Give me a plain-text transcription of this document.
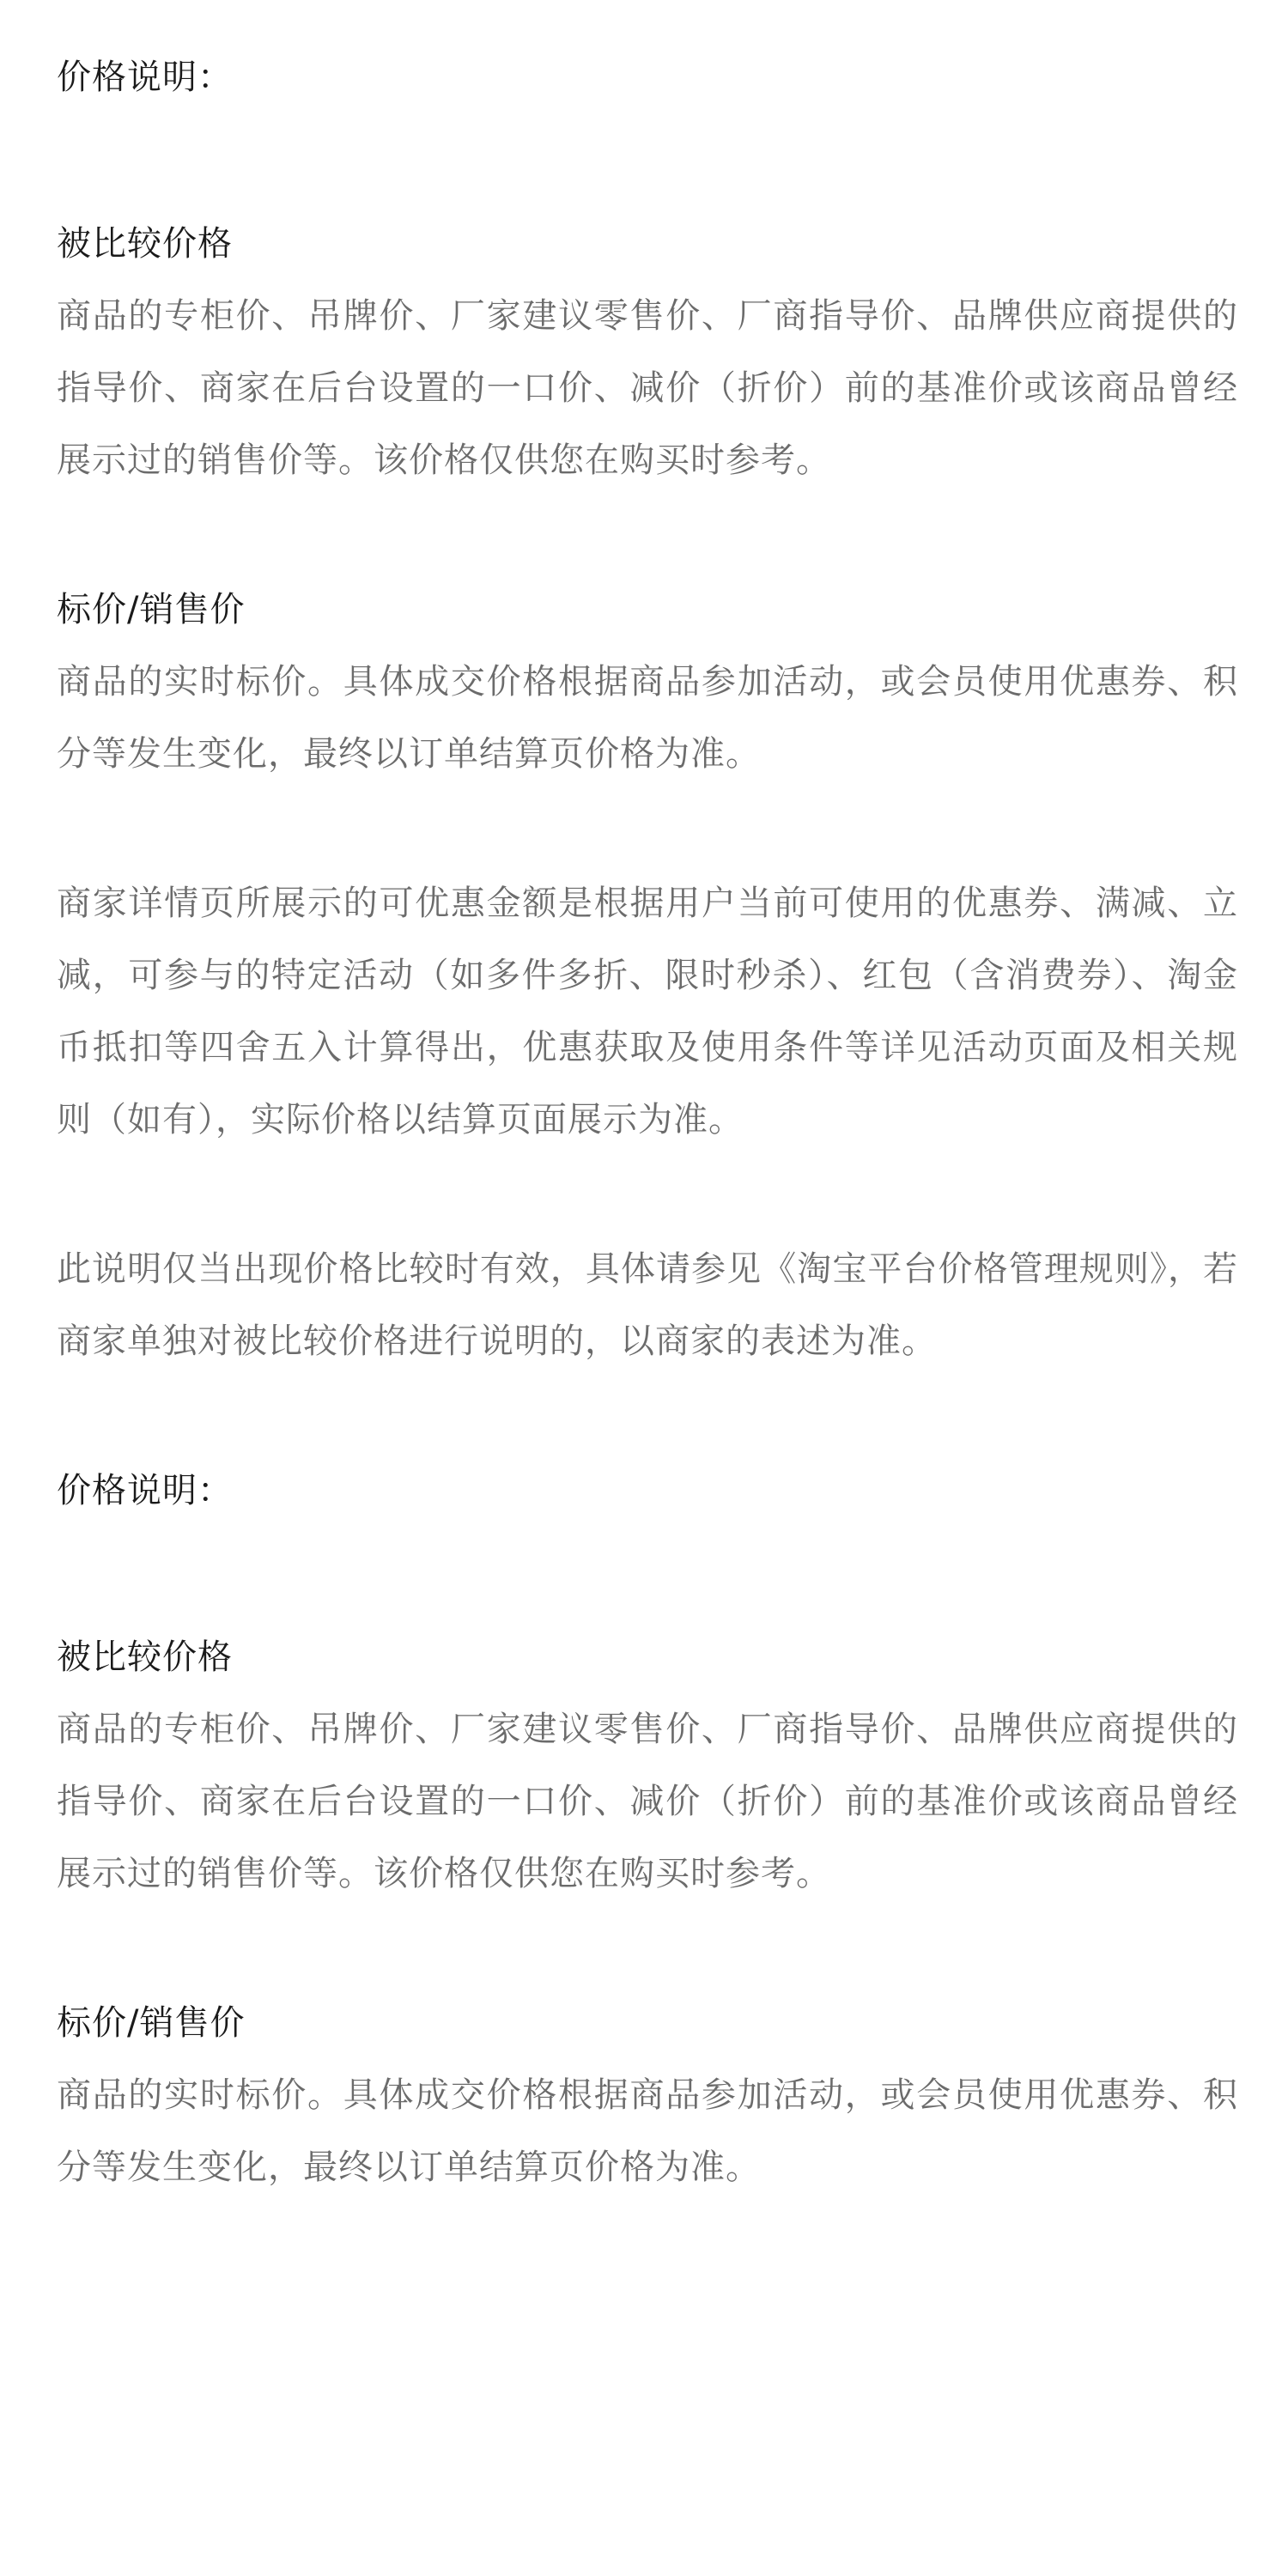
价格说明：
被比较价格

商品的专柜价、吊牌价、厂家建议零售价、厂商指导价、品牌供应商提供的指导价、商家在后台设置的一口价、减价（折价）前的基准价或该商品曾经展示过的销售价等。该价格仅供您在购买时参考。

标价/销售价

商品的实时标价。具体成交价格根据商品参加活动，或会员使用优惠券、积分等发生变化，最终以订单结算页价格为准。

商家详情页所展示的可优惠金额是根据用户当前可使用的优惠券、满减、立减，可参与的特定活动（如多件多折、限时秒杀）、红包（含消费券）、淘金币抵扣等四舍五入计算得出，优惠获取及使用条件等详见活动页面及相关规则（如有），实际价格以结算页面展示为准。

此说明仅当出现价格比较时有效，具体请参见《淘宝平台价格管理规则》，若商家单独对被比较价格进行说明的，以商家的表述为准。

价格说明：
被比较价格

商品的专柜价、吊牌价、厂家建议零售价、厂商指导价、品牌供应商提供的指导价、商家在后台设置的一口价、减价（折价）前的基准价或该商品曾经展示过的销售价等。该价格仅供您在购买时参考。

标价/销售价

商品的实时标价。具体成交价格根据商品参加活动，或会员使用优惠券、积分等发生变化，最终以订单结算页价格为准。
